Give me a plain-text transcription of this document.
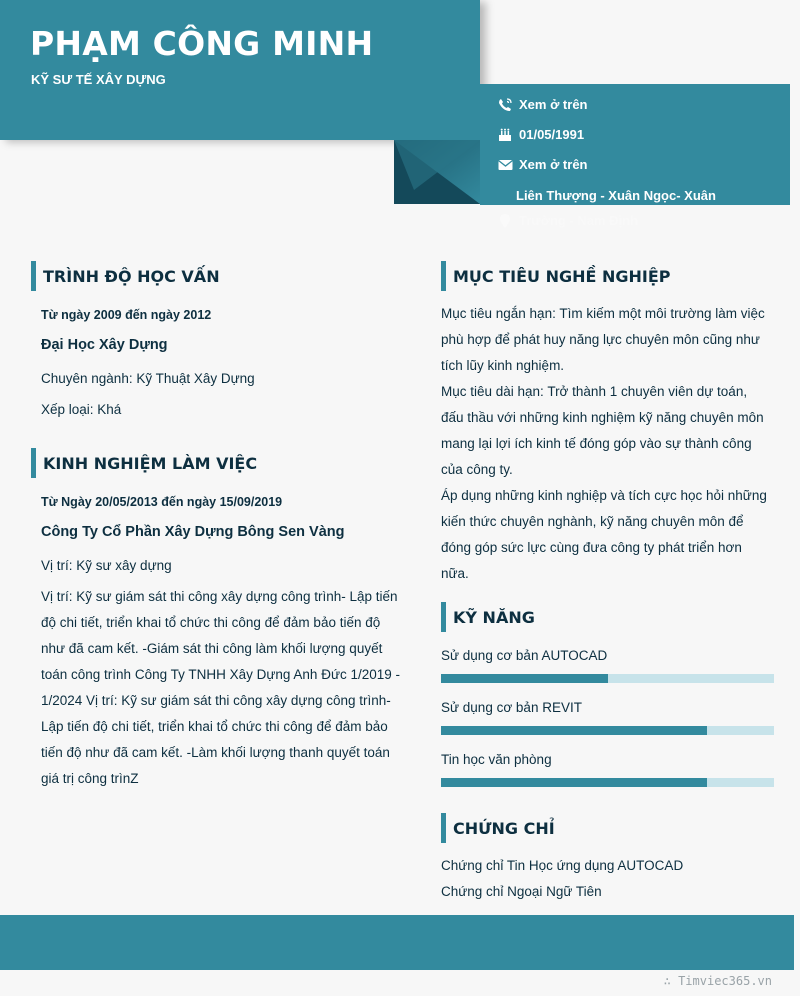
PHẠM CÔNG MINH
KỸ SƯ TẾ XÂY DỰNG
Xem ở trên
01/05/1991
Xem ở trên
Liên Thượng - Xuân Ngọc- Xuân
Trường - Nam Định
TRÌNH ĐỘ HỌC VẤN
Từ ngày 2009 đến ngày 2012
Đại Học Xây Dựng
Chuyên ngành: Kỹ Thuật Xây Dựng
Xếp loại: Khá
KINH NGHIỆM LÀM VIỆC
Từ Ngày 20/05/2013 đến ngày 15/09/2019
Công Ty Cổ Phần Xây Dựng Bông Sen Vàng
Vị trí: Kỹ sư xây dựng

Vị trí: Kỹ sư giám sát thi công xây dựng công trình- Lập tiến

độ chi tiết, triển khai tổ chức thi công để đảm bảo tiến độ

như đã cam kết. -Giám sát thi công làm khối lượng quyết

toán công trình Công Ty TNHH Xây Dựng Anh Đức 1/2019 -

1/2024 Vị trí: Kỹ sư giám sát thi công xây dựng công trình-

Lập tiến độ chi tiết, triển khai tổ chức thi công để đảm bảo

tiến độ như đã cam kết. -Làm khối lượng thanh quyết toán

giá trị công trìnZ

MỤC TIÊU NGHỀ NGHIỆP

Mục tiêu ngắn hạn: Tìm kiếm một môi trường làm việc

phù hợp để phát huy năng lực chuyên môn cũng như

tích lũy kinh nghiệm.

Mục tiêu dài hạn: Trở thành 1 chuyên viên dự toán,

đấu thầu với những kinh nghiệm kỹ năng chuyên môn

mang lại lợi ích kinh tế đóng góp vào sự thành công

của công ty.

Áp dụng những kinh nghiệp và tích cực học hỏi những

kiến thức chuyên nghành, kỹ năng chuyên môn để

đóng góp sức lực cùng đưa công ty phát triển hơn

nữa.

KỸ NĂNG
Sử dụng cơ bản AUTOCAD
Sử dụng cơ bản REVIT
Tin học văn phòng
CHỨNG CHỈ
Chứng chỉ Tin Học ứng dụng AUTOCAD
Chứng chỉ Ngoại Ngữ Tiên
∴ Timviec365.vn
